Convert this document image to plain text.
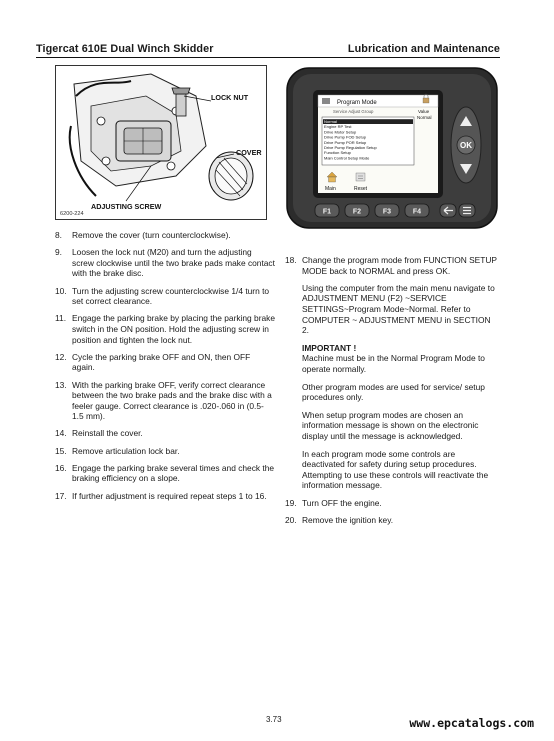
Tigercat 610E Dual Winch Skidder	Lubrication and Maintenance
LOCK NUT
COVER
ADJUSTING SCREW
6200-224
Program Mode
Service Adjust Group	Value
Normal
Normal
Engine RP Test
Drive Motor Setup
Drive Pump FOD Setup
Drive Pump POR Setup
Drive Pump Regulation Setup
Function Setup
Main Control Setup Mode
Main	Reset
OK
F1	F2	F3	F4
8.	Remove the cover (turn counterclockwise).
9.	Loosen the lock nut (M20) and turn the adjusting screw clockwise until the two brake pads make contact with the brake disc.
10. Turn the adjusting screw counterclockwise 1/4 turn to set correct clearance.
11. Engage the parking brake by placing the parking brake switch in the ON position. Hold the adjusting screw in position and tighten the lock nut.
12. Cycle the parking brake OFF and ON, then OFF again.
13. With the parking brake OFF, verify correct clearance between the two brake pads and the brake disc with a feeler gauge. Correct clearance is .020-.060 in (0.5-1.5 mm).
14. Reinstall the cover.
15. Remove articulation lock bar.
16. Engage the parking brake several times and check the braking efficiency on a slope.
17. If further adjustment is required repeat steps 1 to 16.
18. Change the program mode from FUNCTION SETUP MODE back to NORMAL and press OK.

Using the computer from the main menu navigate to ADJUSTMENT MENU (F2) ~SERVICE SETTINGS~Program Mode~Normal. Refer to COMPUTER ~ ADJUSTMENT MENU in SECTION 2.

IMPORTANT !

Machine must be in the Normal Program Mode to operate normally.

Other program modes are used for service/ setup procedures only.

When setup program modes are chosen an information message is shown on the electronic display until the message is acknowledged.

In each program mode some controls are deactivated for safety during setup procedures. Attempting to use these controls will reactivate the information message.

19. Turn OFF the engine.
20. Remove the ignition key.
3.73	www.epcatalogs.com
